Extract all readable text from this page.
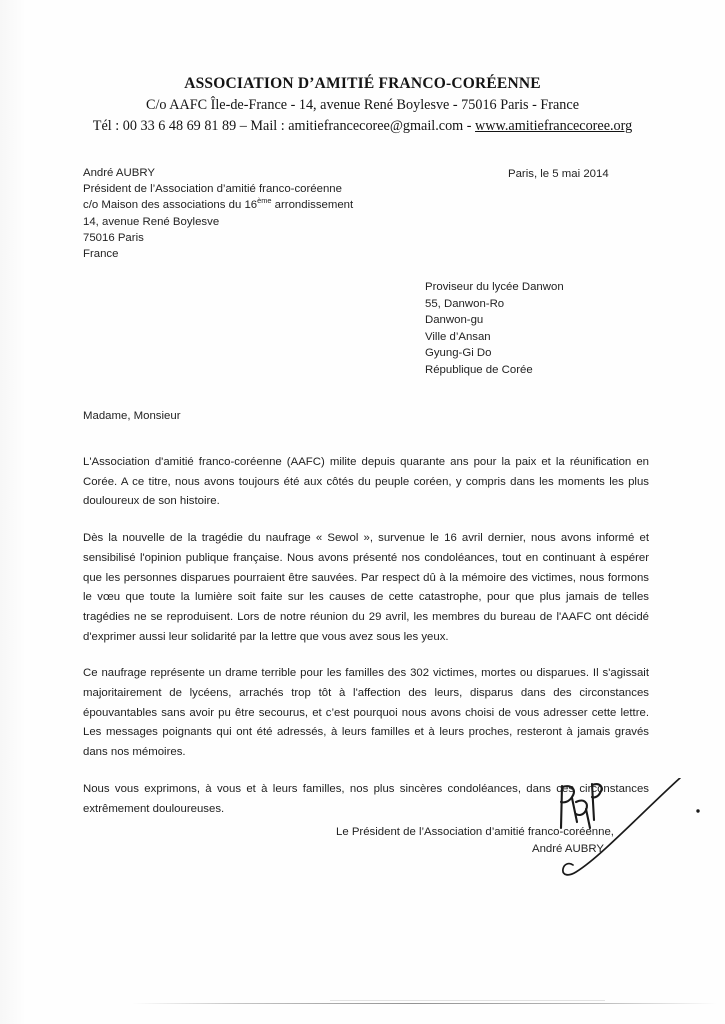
ASSOCIATION D’AMITIÉ FRANCO-CORÉENNE
C/o AAFC Île-de-France - 14, avenue René Boylesve - 75016 Paris - France
Tél : 00 33 6 48 69 81 89 – Mail : amitiefrancecoree@gmail.com - www.amitiefrancecoree.org
André AUBRY
Président de l’Association d’amitié franco-coréenne
c/o Maison des associations du 16ème arrondissement
14, avenue René Boylesve
75016 Paris
France
Paris, le 5 mai 2014
Proviseur du lycée Danwon
55, Danwon-Ro
Danwon-gu
Ville d’Ansan
Gyung-Gi Do
République de Corée
Madame, Monsieur

L'Association d'amitié franco-coréenne (AAFC) milite depuis quarante ans pour la paix et la réunification en Corée. A ce titre, nous avons toujours été aux côtés du peuple coréen, y compris dans les moments les plus douloureux de son histoire.

Dès la nouvelle de la tragédie du naufrage « Sewol », survenue le 16 avril dernier, nous avons informé et sensibilisé l'opinion publique française. Nous avons présenté nos condoléances, tout en continuant à espérer que les personnes disparues pourraient être sauvées. Par respect dû à la mémoire des victimes, nous formons le vœu que toute la lumière soit faite sur les causes de cette catastrophe, pour que plus jamais de telles tragédies ne se reproduisent. Lors de notre réunion du 29 avril, les membres du bureau de l'AAFC ont décidé d'exprimer aussi leur solidarité par la lettre que vous avez sous les yeux.

Ce naufrage représente un drame terrible pour les familles des 302 victimes, mortes ou disparues. Il s'agissait majoritairement de lycéens, arrachés trop tôt à l'affection des leurs, disparus dans des circonstances épouvantables sans avoir pu être secourus, et c’est pourquoi nous avons choisi de vous adresser cette lettre. Les messages poignants qui ont été adressés, à leurs familles et à leurs proches, resteront à jamais gravés dans nos mémoires.

Nous vous exprimons, à vous et à leurs familles, nos plus sincères condoléances, dans ces circonstances extrêmement douloureuses.

Le Président de l’Association d’amitié franco-coréenne,
André AUBRY
